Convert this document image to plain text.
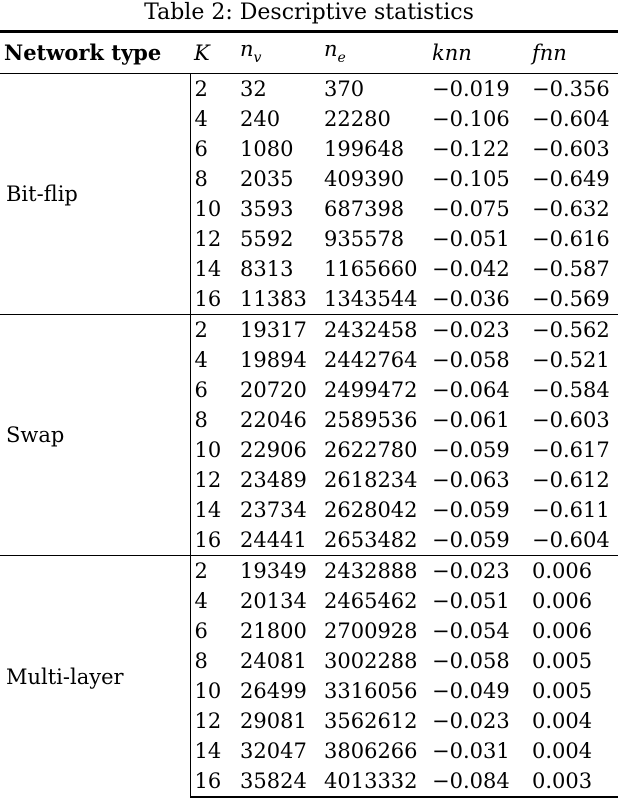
Table 2: Descriptive statistics
Network type	K	$n_v$	$n_e$	knn	fnn
Bit-flip	2	32	370	−0.019	−0.356
	4	240	22280	−0.106	−0.604
	6	1080	199648	−0.122	−0.603
	8	2035	409390	−0.105	−0.649
	10	3593	687398	−0.075	−0.632
	12	5592	935578	−0.051	−0.616
	14	8313	1165660	−0.042	−0.587
	16	11383	1343544	−0.036	−0.569
Swap	2	19317	2432458	−0.023	−0.562
	4	19894	2442764	−0.058	−0.521
	6	20720	2499472	−0.064	−0.584
	8	22046	2589536	−0.061	−0.603
	10	22906	2622780	−0.059	−0.617
	12	23489	2618234	−0.063	−0.612
	14	23734	2628042	−0.059	−0.611
	16	24441	2653482	−0.059	−0.604
Multi-layer	2	19349	2432888	−0.023	0.006
	4	20134	2465462	−0.051	0.006
	6	21800	2700928	−0.054	0.006
	8	24081	3002288	−0.058	0.005
	10	26499	3316056	−0.049	0.005
	12	29081	3562612	−0.023	0.004
	14	32047	3806266	−0.031	0.004
	16	35824	4013332	−0.084	0.003
